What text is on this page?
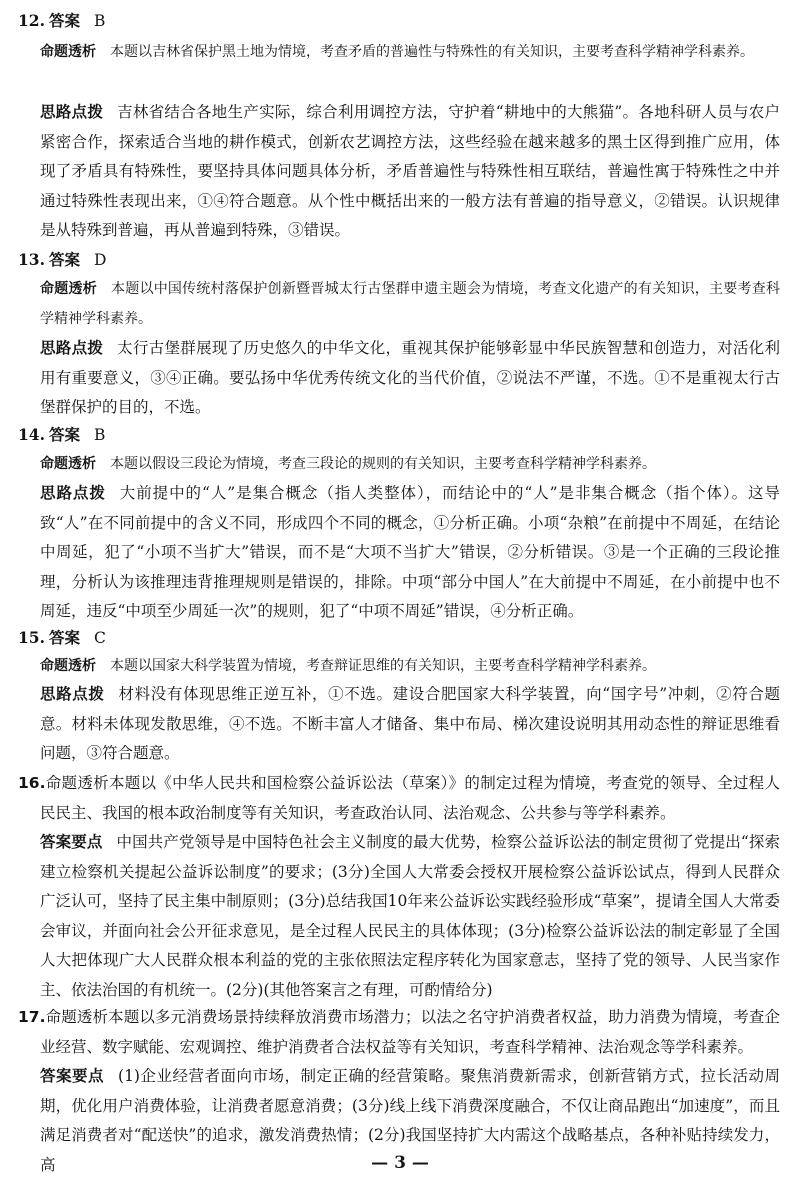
12. 答案 B
命题透析 本题以吉林省保护黑土地为情境，考查矛盾的普遍性与特殊性的有关知识，主要考查科学精神学科素养。
思路点拨 吉林省结合各地生产实际，综合利用调控方法，守护着“耕地中的大熊猫”。各地科研人员与农户紧密合作，探索适合当地的耕作模式，创新农艺调控方法，这些经验在越来越多的黑土区得到推广应用，体现了矛盾具有特殊性，要坚持具体问题具体分析，矛盾普遍性与特殊性相互联结，普遍性寓于特殊性之中并通过特殊性表现出来，①④符合题意。从个性中概括出来的一般方法有普遍的指导意义，②错误。认识规律是从特殊到普遍，再从普遍到特殊，③错误。
13. 答案 D
命题透析 本题以中国传统村落保护创新暨晋城太行古堡群申遗主题会为情境，考查文化遗产的有关知识，主要考查科学精神学科素养。
思路点拨 太行古堡群展现了历史悠久的中华文化，重视其保护能够彰显中华民族智慧和创造力，对活化利用有重要意义，③④正确。要弘扬中华优秀传统文化的当代价值，②说法不严谨，不选。①不是重视太行古堡群保护的目的，不选。
14. 答案 B
命题透析 本题以假设三段论为情境，考查三段论的规则的有关知识，主要考查科学精神学科素养。
思路点拨 大前提中的“人”是集合概念（指人类整体），而结论中的“人”是非集合概念（指个体）。这导致“人”在不同前提中的含义不同，形成四个不同的概念，①分析正确。小项“杂粮”在前提中不周延，在结论中周延，犯了“小项不当扩大”错误，而不是“大项不当扩大”错误，②分析错误。③是一个正确的三段论推理，分析认为该推理违背推理规则是错误的，排除。中项“部分中国人”在大前提中不周延，在小前提中也不周延，违反“中项至少周延一次”的规则，犯了“中项不周延”错误，④分析正确。
15. 答案 C
命题透析 本题以国家大科学装置为情境，考查辩证思维的有关知识，主要考查科学精神学科素养。
思路点拨 材料没有体现思维正逆互补，①不选。建设合肥国家大科学装置，向“国字号”冲刺，②符合题意。材料未体现发散思维，④不选。不断丰富人才储备、集中布局、梯次建设说明其用动态性的辩证思维看问题，③符合题意。
16.命题透析本题以《中华人民共和国检察公益诉讼法（草案）》的制定过程为情境，考查党的领导、全过程人民民主、我国的根本政治制度等有关知识，考查政治认同、法治观念、公共参与等学科素养。
答案要点 中国共产党领导是中国特色社会主义制度的最大优势，检察公益诉讼法的制定贯彻了党提出“探索建立检察机关提起公益诉讼制度”的要求；(3分)全国人大常委会授权开展检察公益诉讼试点，得到人民群众广泛认可，坚持了民主集中制原则；(3分)总结我国10年来公益诉讼实践经验形成“草案”，提请全国人大常委会审议，并面向社会公开征求意见，是全过程人民民主的具体体现；(3分)检察公益诉讼法的制定彰显了全国人大把体现广大人民群众根本利益的党的主张依照法定程序转化为国家意志，坚持了党的领导、人民当家作主、依法治国的有机统一。(2分)(其他答案言之有理，可酌情给分)
17.命题透析本题以多元消费场景持续释放消费市场潜力；以法之名守护消费者权益，助力消费为情境，考查企业经营、数字赋能、宏观调控、维护消费者合法权益等有关知识，考查科学精神、法治观念等学科素养。
答案要点 (1)企业经营者面向市场，制定正确的经营策略。聚焦消费新需求，创新营销方式，拉长活动周期，优化用户消费体验，让消费者愿意消费；(3分)线上线下消费深度融合，不仅让商品跑出“加速度”，而且满足消费者对“配送快”的追求，激发消费热情；(2分)我国坚持扩大内需这个战略基点，各种补贴持续发力，高	— 3 —
